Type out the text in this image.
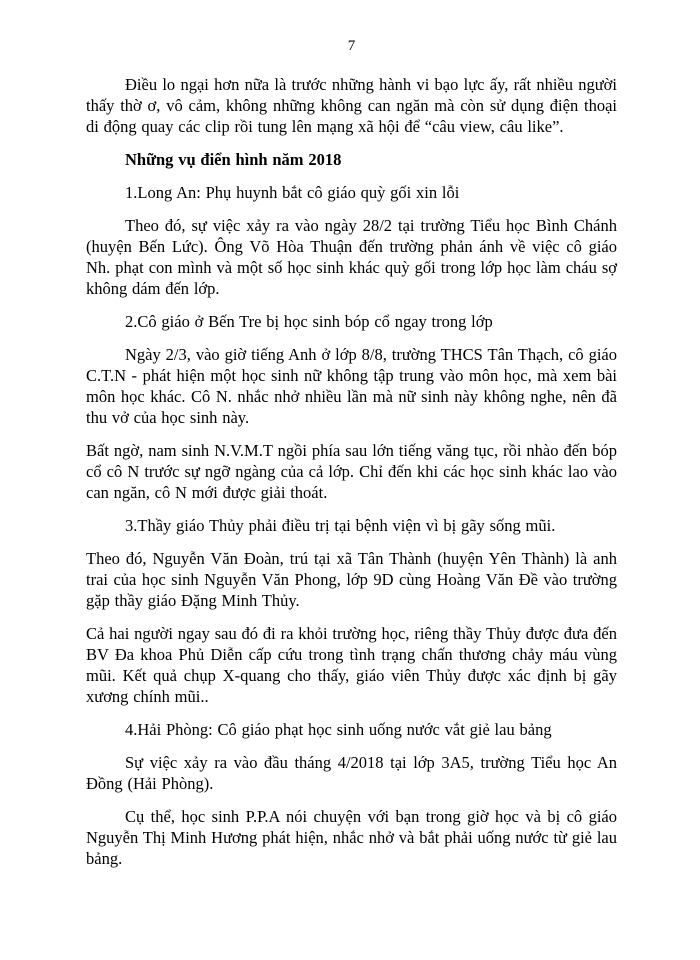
7

Điều lo ngại hơn nữa là trước những hành vi bạo lực ấy, rất nhiều người thấy thờ ơ, vô cảm, không những không can ngăn mà còn sử dụng điện thoại di động quay các clip rồi tung lên mạng xã hội để “câu view, câu like”.

Những vụ điển hình năm 2018

1.Long An: Phụ huynh bắt cô giáo quỳ gối xin lỗi

Theo đó, sự việc xảy ra vào ngày 28/2 tại trường Tiểu học Bình Chánh (huyện Bến Lức). Ông Võ Hòa Thuận đến trường phản ánh về việc cô giáo Nh. phạt con mình và một số học sinh khác quỳ gối trong lớp học làm cháu sợ không dám đến lớp.

2.Cô giáo ở Bến Tre bị học sinh bóp cổ ngay trong lớp

Ngày 2/3, vào giờ tiếng Anh ở lớp 8/8, trường THCS Tân Thạch, cô giáo C.T.N - phát hiện một học sinh nữ không tập trung vào môn học, mà xem bài môn học khác. Cô N. nhắc nhở nhiều lần mà nữ sinh này không nghe, nên đã thu vở của học sinh này.

Bất ngờ, nam sinh N.V.M.T ngồi phía sau lớn tiếng văng tục, rồi nhào đến bóp cổ cô N trước sự ngỡ ngàng của cả lớp. Chỉ đến khi các học sinh khác lao vào can ngăn, cô N mới được giải thoát.

3.Thầy giáo Thủy phải điều trị tại bệnh viện vì bị gãy sống mũi.

Theo đó, Nguyễn Văn Đoàn, trú tại xã Tân Thành (huyện Yên Thành) là anh trai của học sinh Nguyễn Văn Phong, lớp 9D cùng Hoàng Văn Đề vào trường gặp thầy giáo Đặng Minh Thủy.

Cả hai người ngay sau đó đi ra khỏi trường học, riêng thầy Thủy được đưa đến BV Đa khoa Phủ Diễn cấp cứu trong tình trạng chấn thương chảy máu vùng mũi. Kết quả chụp X-quang cho thấy, giáo viên Thủy được xác định bị gãy xương chính mũi..

4.Hải Phòng: Cô giáo phạt học sinh uống nước vắt giẻ lau bảng

Sự việc xảy ra vào đầu tháng 4/2018 tại lớp 3A5, trường Tiểu học An Đồng (Hải Phòng).

Cụ thể, học sinh P.P.A nói chuyện với bạn trong giờ học và bị cô giáo Nguyễn Thị Minh Hương phát hiện, nhắc nhở và bắt phải uống nước từ giẻ lau bảng.
